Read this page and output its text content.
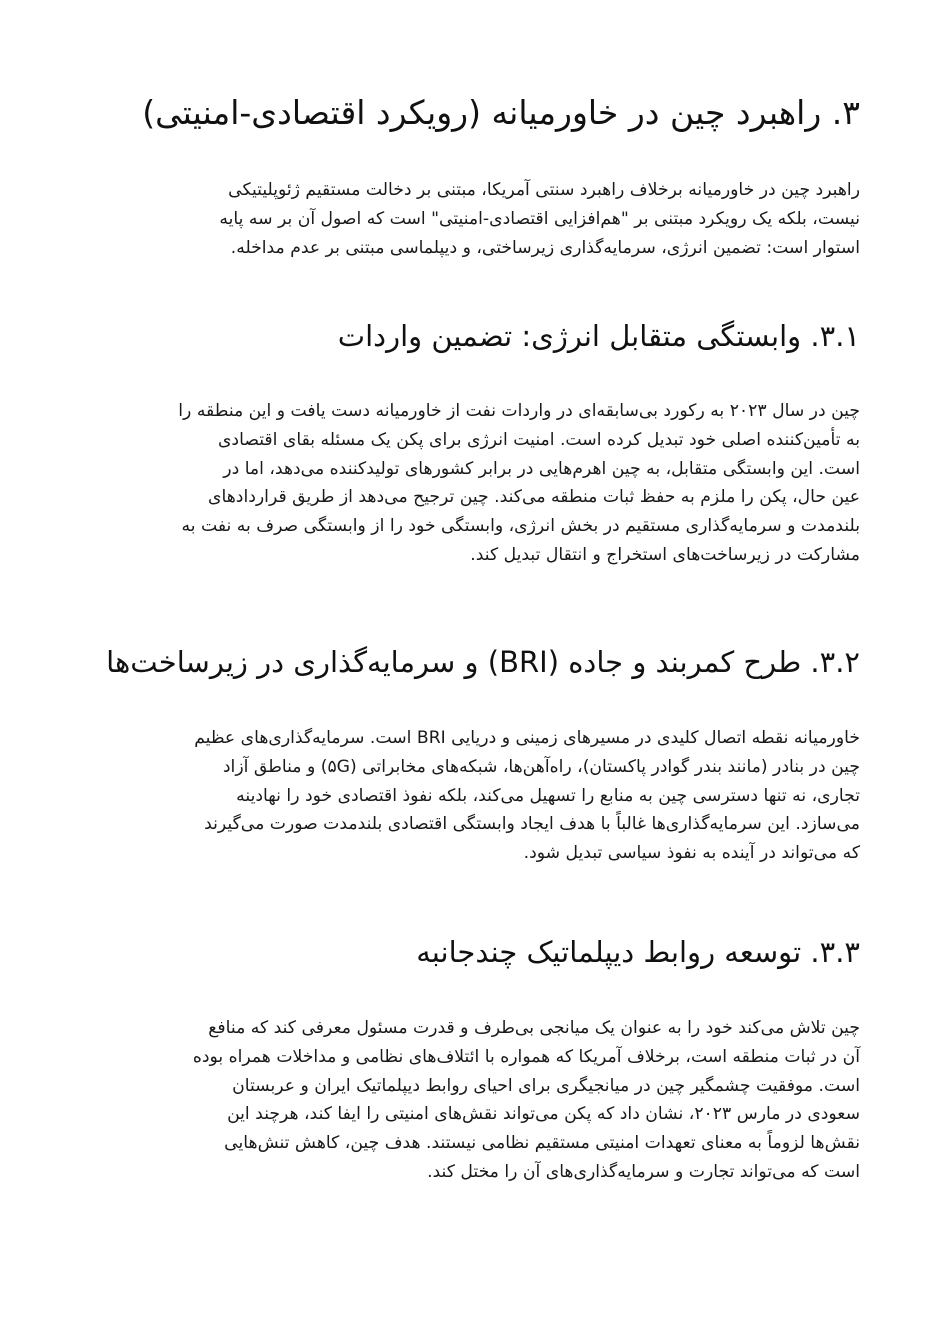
۳. راهبرد چین در خاورمیانه (رویکرد اقتصادی-امنیتی)

راهبرد چین در خاورمیانه برخلاف راهبرد سنتی آمریکا، مبتنی بر دخالت مستقیم ژئوپلیتیکی
نیست، بلکه یک رویکرد مبتنی بر "هم‌افزایی اقتصادی-امنیتی" است که اصول آن بر سه پایه
استوار است: تضمین انرژی، سرمایه‌گذاری زیرساختی، و دیپلماسی مبتنی بر عدم مداخله.

۳.۱. وابستگی متقابل انرژی: تضمین واردات

چین در سال ۲۰۲۳ به رکورد بی‌سابقه‌ای در واردات نفت از خاورمیانه دست یافت و این منطقه را
به تأمین‌کننده اصلی خود تبدیل کرده است. امنیت انرژی برای پکن یک مسئله بقای اقتصادی
است. این وابستگی متقابل، به چین اهرم‌هایی در برابر کشورهای تولیدکننده می‌دهد، اما در
عین حال، پکن را ملزم به حفظ ثبات منطقه می‌کند. چین ترجیح می‌دهد از طریق قراردادهای
بلندمدت و سرمایه‌گذاری مستقیم در بخش انرژی، وابستگی خود را از وابستگی صرف به نفت به
مشارکت در زیرساخت‌های استخراج و انتقال تبدیل کند.

۳.۲. طرح کمربند و جاده (BRI) و سرمایه‌گذاری در زیرساخت‌ها

خاورمیانه نقطه اتصال کلیدی در مسیرهای زمینی و دریایی BRI است. سرمایه‌گذاری‌های عظیم
چین در بنادر (مانند بندر گوادر پاکستان)، راه‌آهن‌ها، شبکه‌های مخابراتی (۵G) و مناطق آزاد
تجاری، نه تنها دسترسی چین به منابع را تسهیل می‌کند، بلکه نفوذ اقتصادی خود را نهادینه
می‌سازد. این سرمایه‌گذاری‌ها غالباً با هدف ایجاد وابستگی اقتصادی بلندمدت صورت می‌گیرند
که می‌تواند در آینده به نفوذ سیاسی تبدیل شود.

۳.۳. توسعه روابط دیپلماتیک چندجانبه

چین تلاش می‌کند خود را به عنوان یک میانجی بی‌طرف و قدرت مسئول معرفی کند که منافع
آن در ثبات منطقه است، برخلاف آمریکا که همواره با ائتلاف‌های نظامی و مداخلات همراه بوده
است. موفقیت چشمگیر چین در میانجیگری برای احیای روابط دیپلماتیک ایران و عربستان
سعودی در مارس ۲۰۲۳، نشان داد که پکن می‌تواند نقش‌های امنیتی را ایفا کند، هرچند این
نقش‌ها لزوماً به معنای تعهدات امنیتی مستقیم نظامی نیستند. هدف چین، کاهش تنش‌هایی
است که می‌تواند تجارت و سرمایه‌گذاری‌های آن را مختل کند.
